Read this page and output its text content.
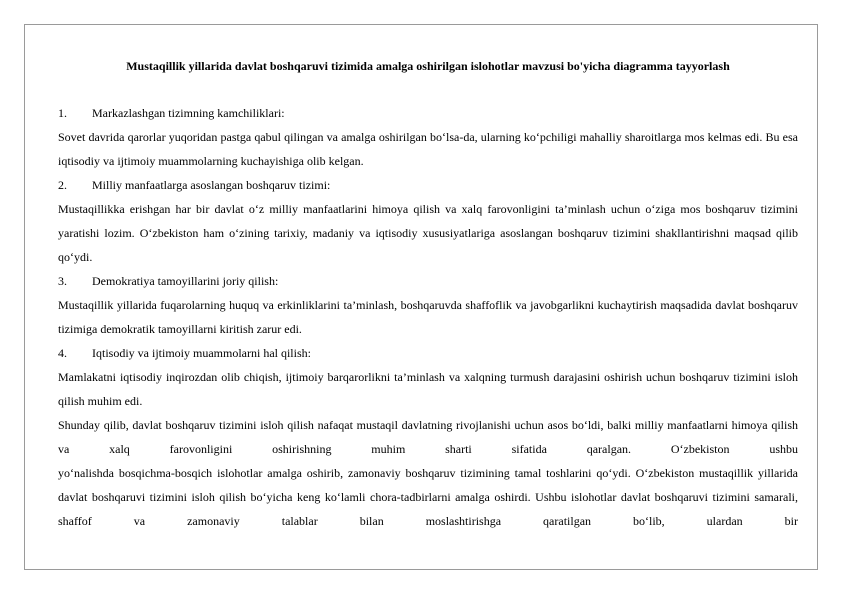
Mustaqillik yillarida davlat boshqaruvi tizimida amalga oshirilgan islohotlar mavzusi bo'yicha diagramma tayyorlash

1. Markazlashgan tizimning kamchiliklari:

Sovet davrida qarorlar yuqoridan pastga qabul qilingan va amalga oshirilgan bo‘lsa-da, ularning ko‘pchiligi mahalliy sharoitlarga mos kelmas edi. Bu esa iqtisodiy va ijtimoiy muammolarning kuchayishiga olib kelgan.

2. Milliy manfaatlarga asoslangan boshqaruv tizimi:

Mustaqillikka erishgan har bir davlat o‘z milliy manfaatlarini himoya qilish va xalq farovonligini ta’minlash uchun o‘ziga mos boshqaruv tizimini yaratishi lozim. O‘zbekiston ham o‘zining tarixiy, madaniy va iqtisodiy xususiyatlariga asoslangan boshqaruv tizimini shakllantirishni maqsad qilib qo‘ydi.

3. Demokratiya tamoyillarini joriy qilish:

Mustaqillik yillarida fuqarolarning huquq va erkinliklarini ta’minlash, boshqaruvda shaffoflik va javobgarlikni kuchaytirish maqsadida davlat boshqaruv tizimiga demokratik tamoyillarni kiritish zarur edi.

4. Iqtisodiy va ijtimoiy muammolarni hal qilish:

Mamlakatni iqtisodiy inqirozdan olib chiqish, ijtimoiy barqarorlikni ta’minlash va xalqning turmush darajasini oshirish uchun boshqaruv tizimini isloh qilish muhim edi.

Shunday qilib, davlat boshqaruv tizimini isloh qilish nafaqat mustaqil davlatning rivojlanishi uchun asos bo‘ldi, balki milliy manfaatlarni himoya qilish va xalq farovonligini oshirishning muhim sharti sifatida qaralgan. O‘zbekiston ushbu

yo‘nalishda bosqichma-bosqich islohotlar amalga oshirib, zamonaviy boshqaruv tizimining tamal toshlarini qo‘ydi. O‘zbekiston mustaqillik yillarida davlat boshqaruvi tizimini isloh qilish bo‘yicha keng ko‘lamli chora-tadbirlarni amalga oshirdi. Ushbu islohotlar davlat boshqaruvi tizimini samarali, shaffof va zamonaviy talablar bilan moslashtirishga qaratilgan bo‘lib, ulardan bir
